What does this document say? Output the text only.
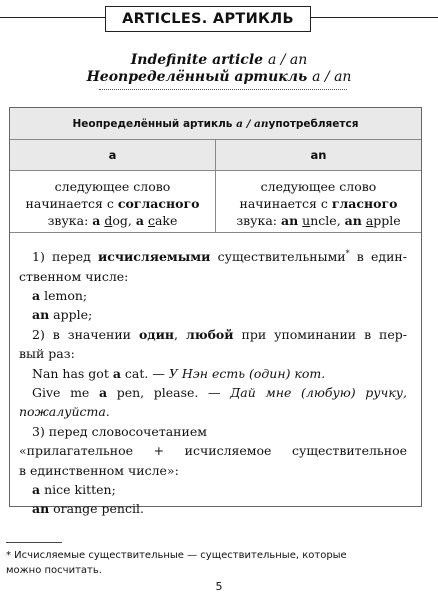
ARTICLES. АРТИКЛЬ
Indefinite article a / an
Неопределённый артикль a / an
Неопределённый артикль
a / an употребляется
a	an
следующее слово
начинается с согласного
звука: a dog, a cake
следующее слово
начинается с гласного
звука: an uncle, an apple

1) перед исчисляемыми существительными* в един-

ственном числе:

a lemon;

an apple;

2) в значении один, любой при упоминании в пер-

вый раз:

Nan has got a cat. — У Нэн есть (один) кот.

Give me a pen, please. — Дай мне (любую) ручку,

пожалуйста.

3) перед словосочетанием

«прилагательное + исчисляемое существительное

в единственном числе»:

a nice kitten;

an orange pencil.

* Исчисляемые существительные — существительные, которые
можно посчитать.
5
